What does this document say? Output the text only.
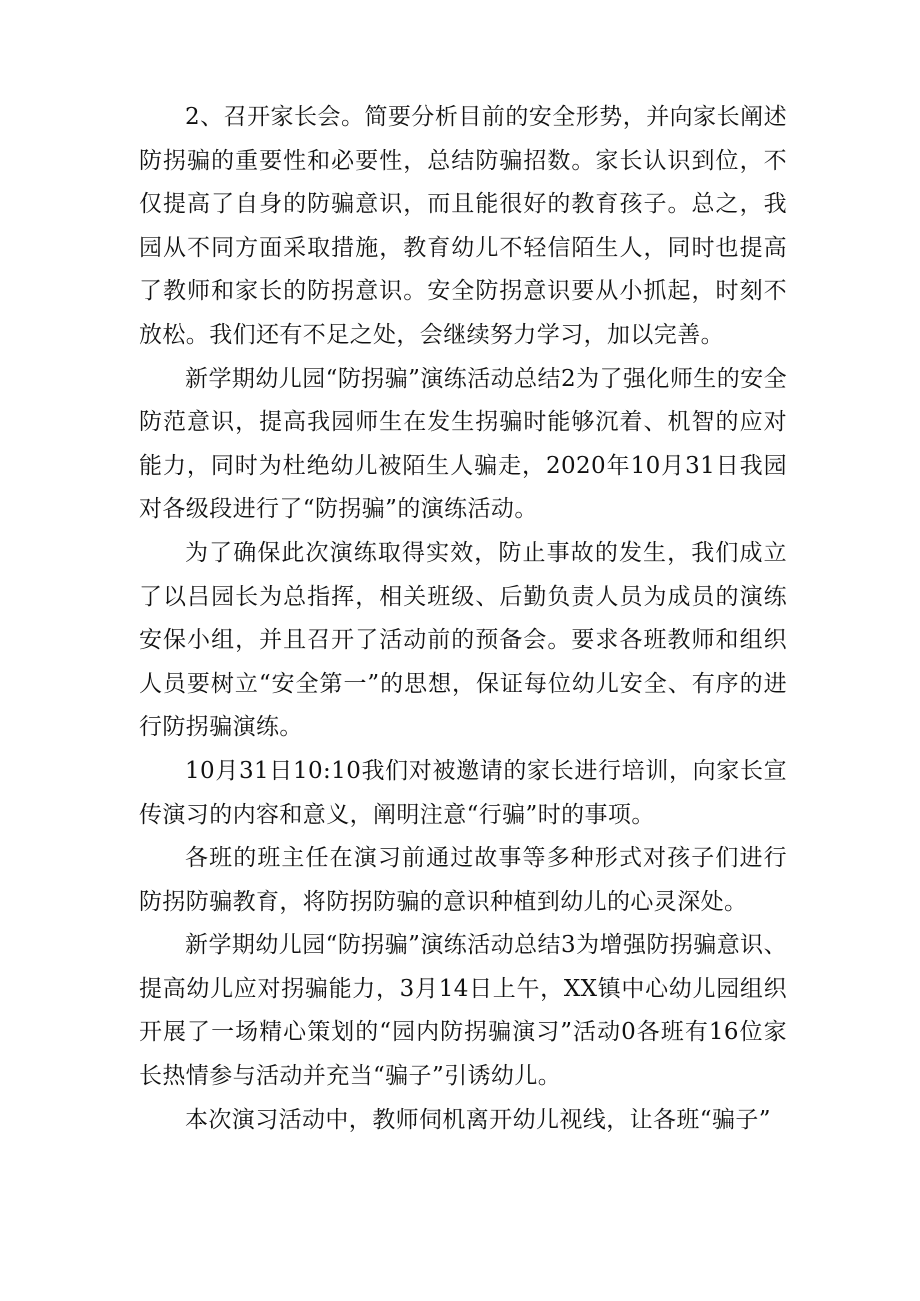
2、召开家长会。简要分析目前的安全形势，并向家长阐述防拐骗的重要性和必要性，总结防骗招数。家长认识到位，不仅提高了自身的防骗意识，而且能很好的教育孩子。总之，我园从不同方面采取措施，教育幼儿不轻信陌生人，同时也提高了教师和家长的防拐意识。安全防拐意识要从小抓起，时刻不放松。我们还有不足之处，会继续努力学习，加以完善。

新学期幼儿园“防拐骗”演练活动总结2为了强化师生的安全防范意识，提高我园师生在发生拐骗时能够沉着、机智的应对能力，同时为杜绝幼儿被陌生人骗走，2020年10月31日我园对各级段进行了“防拐骗”的演练活动。

为了确保此次演练取得实效，防止事故的发生，我们成立了以吕园长为总指挥，相关班级、后勤负责人员为成员的演练安保小组，并且召开了活动前的预备会。要求各班教师和组织人员要树立“安全第一”的思想，保证每位幼儿安全、有序的进行防拐骗演练。

10月31日10:10我们对被邀请的家长进行培训，向家长宣传演习的内容和意义，阐明注意“行骗”时的事项。

各班的班主任在演习前通过故事等多种形式对孩子们进行防拐防骗教育，将防拐防骗的意识种植到幼儿的心灵深处。

新学期幼儿园“防拐骗”演练活动总结3为增强防拐骗意识、提高幼儿应对拐骗能力，3月14日上午，XX镇中心幼儿园组织开展了一场精心策划的“园内防拐骗演习”活动0各班有16位家长热情参与活动并充当“骗子”引诱幼儿。

本次演习活动中，教师伺机离开幼儿视线，让各班“骗子”
